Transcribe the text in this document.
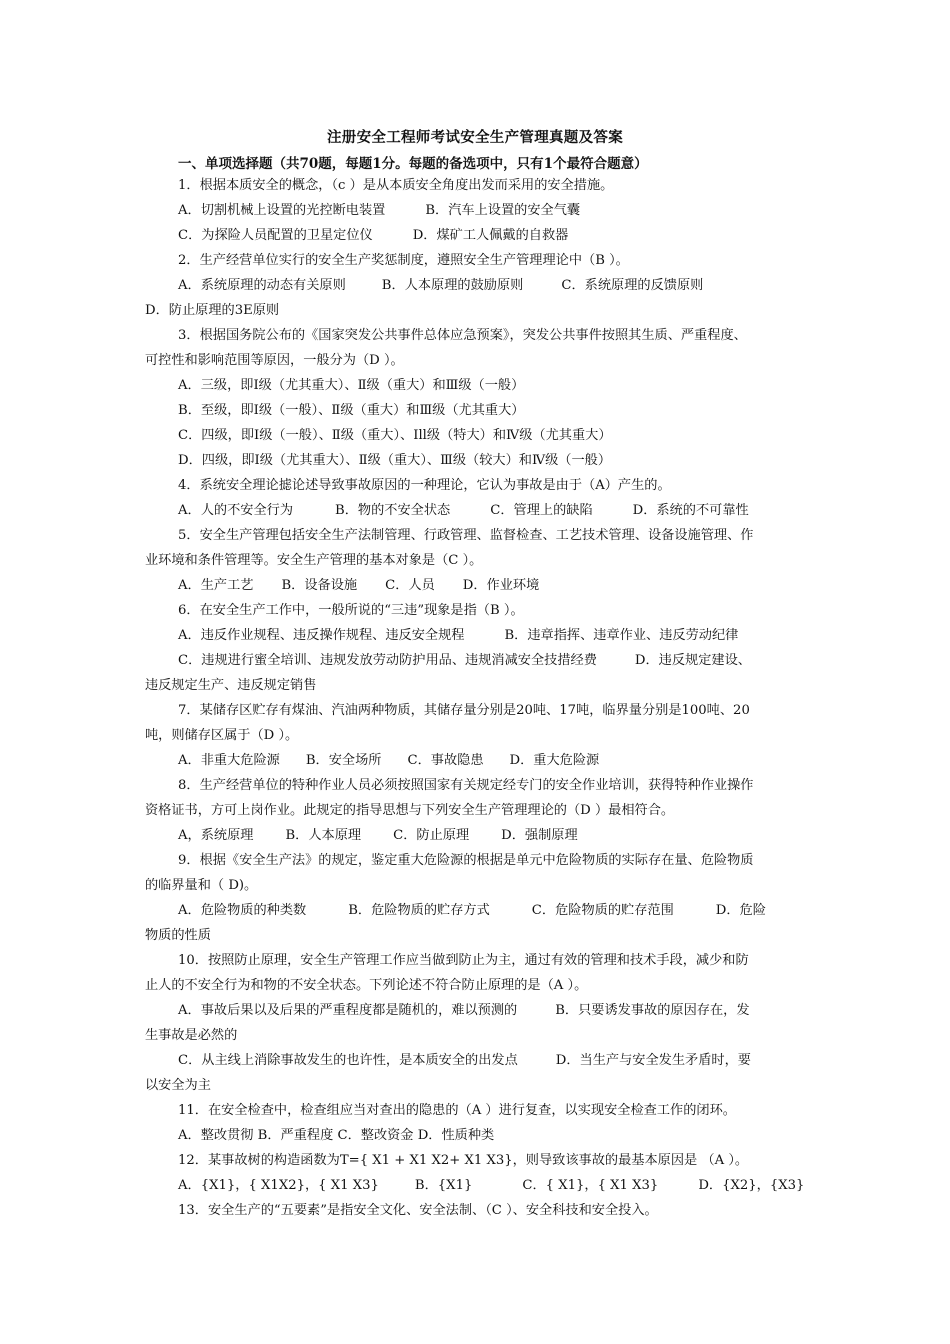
注册安全工程师考试安全生产管理真题及答案
一、单项选择题（共70题，每题1分。每题的备选项中，只有1个最符合题意）
1．根据本质安全的概念，（c ）是从本质安全角度出发而采用的安全措施。
A．切割机械上设置的光控断电装置	B．汽车上设置的安全气囊
C．为探险人员配置的卫星定位仪	D．煤矿工人佩戴的自救器
2．生产经营单位实行的安全生产奖惩制度，遵照安全生产管理理论中（B ）。
A．系统原理的动态有关原则	B．人本原理的鼓励原则	C．系统原理的反馈原则
D．防止原理的3E原则
3．根据国务院公布的《国家突发公共事件总体应急预案》，突发公共事件按照其生质、严重程度、
可控性和影响范围等原因，一般分为（D ）。
A．三级，即Ⅰ级（尤其重大）、Ⅱ级（重大）和Ⅲ级（一般）
B．至级，即Ⅰ级（一般）、Ⅱ级（重大）和Ⅲ级（尤其重大）
C．四级，即Ⅰ级（一般）、Ⅱ级（重大）、Ill级（特大）和Ⅳ级（尤其重大）
D．四级，即Ⅰ级（尤其重大）、Ⅱ级（重大）、Ⅲ级（较大）和Ⅳ级（一般）
4．系统安全理论摅论述导致事故原因的一种理论，它认为事故是由于（A）产生的。
A．人的不安全行为	B．物的不安全状态	C．管理上的缺陷	D．系统的不可靠性
5．安全生产管理包括安全生产法制管理、行政管理、监督检查、工艺技术管理、设备设施管理、作
业环境和条件管理等。安全生产管理的基本对象是（C ）。
A．生产工艺 B．设备设施 C．人员 D．作业环境
6．在安全生产工作中，一般所说的“三违”现象是指（B ）。
A．违反作业规程、违反操作规程、违反安全规程	B．违章指挥、违章作业、违反劳动纪律
C．违规进行蜜全培训、违规发放劳动防护用品、违规消减安全技措经费	D．违反规定建设、
违反规定生产、违反规定销售
7．某储存区贮存有煤油、汽油两种物质，其储存量分别是20吨、17吨，临界量分别是100吨、20
吨，则储存区属于（D ）。
A．非重大危险源 B．安全场所 C．事故隐患 D．重大危险源
8．生产经营单位的特种作业人员必须按照国家有关规定经专门的安全作业培训，获得特种作业操作
资格证书，方可上岗作业。此规定的指导思想与下列安全生产管理理论的（D ）最相符合。
A，系统原理 B．人本原理 C．防止原理 D．强制原理
9．根据《安全生产法》的规定，鉴定重大危险源的根据是单元中危险物质的实际存在量、危险物质
的临界量和（ D)。
A．危险物质的种类数	B．危险物质的贮存方式	C．危险物质的贮存范围	D．危险
物质的性质
10．按照防止原理，安全生产管理工作应当做到防止为主，通过有效的管理和技术手段，减少和防
止人的不安全行为和物的不安全状态。下列论述不符合防止原理的是（A ）。
A．事故后果以及后果的严重程度都是随机的，难以预测的	B．只要诱发事故的原因存在，发
生事故是必然的
C．从主线上消除事故发生的也许性，是本质安全的出发点	D．当生产与安全发生矛盾时，要
以安全为主
11．在安全检查中，检查组应当对查出的隐患的（A ）进行复查，以实现安全检查工作的闭环。
A．整改贯彻 B．严重程度 C．整改资金 D．性质种类
12．某事故树的构造函数为T={ X1 + X1 X2+ X1 X3}，则导致该事故的最基本原因是 （A ）。
A．{X1}，{ X1X2}，{ X1 X3}	B．{X1}	C．{ X1}，{ X1 X3}	D．{X2}，{X3}
13．安全生产的“五要素”是指安全文化、安全法制、（C ）、安全科技和安全投入。
